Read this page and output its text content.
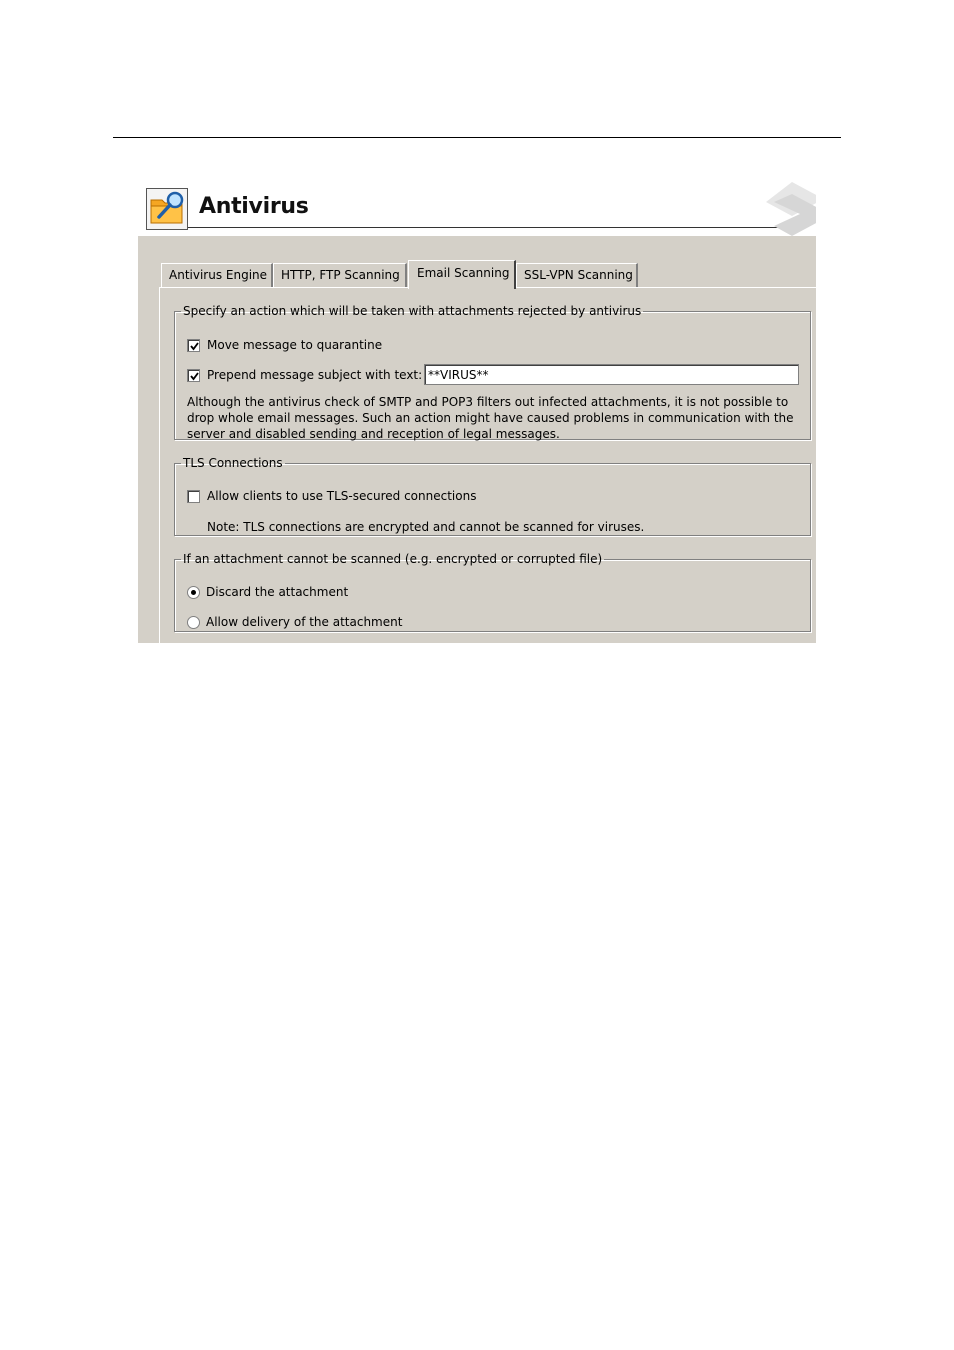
Antivirus
Antivirus Engine	HTTP, FTP Scanning	Email Scanning	SSL-VPN Scanning
Specify an action which will be taken with attachments rejected by antivirus
Move message to quarantine
Prepend message subject with text:
**VIRUS**
Although the antivirus check of SMTP and POP3 filters out infected attachments, it is not possible to drop whole email messages. Such an action might have caused problems in communication with the server and disabled sending and reception of legal messages.
TLS Connections
Allow clients to use TLS-secured connections
Note: TLS connections are encrypted and cannot be scanned for viruses.
If an attachment cannot be scanned (e.g. encrypted or corrupted file)
Discard the attachment
Allow delivery of the attachment
